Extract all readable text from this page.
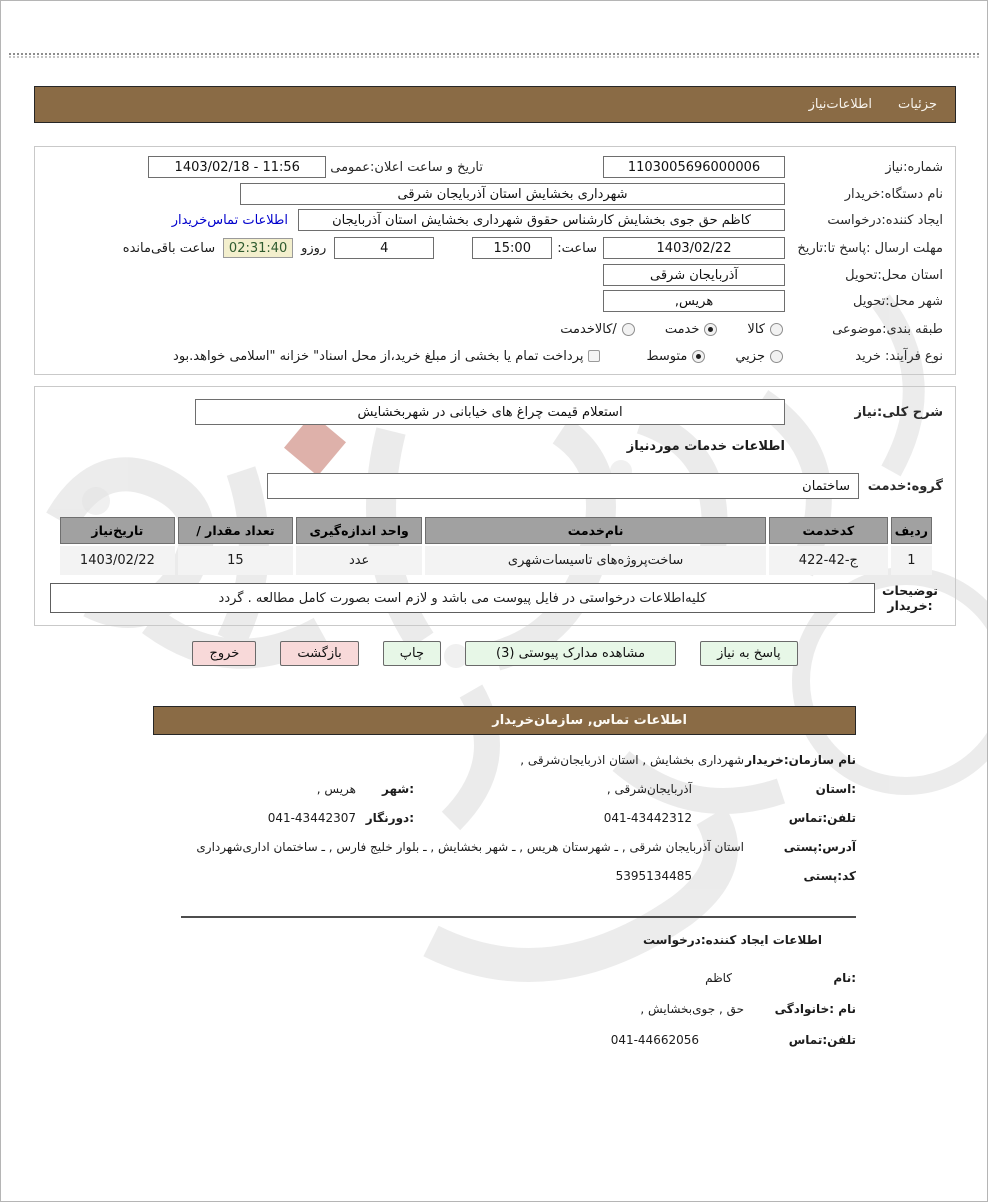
جزئیات
اطلاعات‌نیاز
شماره:نیاز
1103005696000006
تاریخ و ساعت اعلان:عمومی
11:56 - 1403/02/18
نام دستگاه:خریدار
شهرداری بخشایش استان آذربایجان شرقی
ایجاد کننده:درخواست
کاظم حق جوی بخشایش کارشناس حقوق شهرداری بخشایش استان آذربایجان
اطلاعات تماس‌خریدار
مهلت ارسال :پاسخ تا:تاریخ
1403/02/22
ساعت:
15:00
4
روزو
02:31:40
ساعت باقی‌مانده
استان محل:تحویل
آذربایجان شرقی
شهر محل:تحویل
هریس,
طبقه بندی:موضوعی
کالا
خدمت
/کالاخدمت
نوع فرآیند: خرید
جزیي
متوسط
پرداخت تمام یا بخشی از مبلغ خرید،از محل اسناد" خزانه "اسلامی خواهد.بود
شرح کلی:نیاز
استعلام قیمت چراغ های خیابانی در شهربخشایش
اطلاعات خدمات موردنیاز
گروه:خدمت
ساختمان
ردیف	کدخدمت	نام‌خدمت	واحد اندازه‌گیری	تعداد مقدار /	تاریخ‌نیاز
1	422-42-ج	ساخت‌پروژه‌های تاسیسات‌شهری	عدد	15	1403/02/22
توضیحات
:خریدار
کلیه‌اطلاعات درخواستی در فایل پیوست می باشد و لازم است بصورت کامل مطالعه . گردد
پاسخ به نیاز
مشاهده مدارک پیوستی (3)
چاپ
بازگشت
خروج
اطلاعات تماس, سازمان‌خریدار
نام سازمان:خریدار
شهرداری بخشایش , استان اذربایجان‌شرقی ,
:استان
آذربایجان‌شرقی ,
:شهر
هریس ,
تلفن:تماس
041-43442312
:دورنگار
041-43442307
آدرس:پستی
استان آذربایجان شرقی , ـ شهرستان هریس , ـ شهر بخشایش , ـ بلوار خلیج فارس , ـ ساختمان اداری‌شهرداری
کد:پستی
5395134485
اطلاعات ایجاد کننده:درخواست
:نام
کاظم
نام :خانوادگی
حق , جوی‌بخشایش ,
تلفن:تماس
041-44662056
